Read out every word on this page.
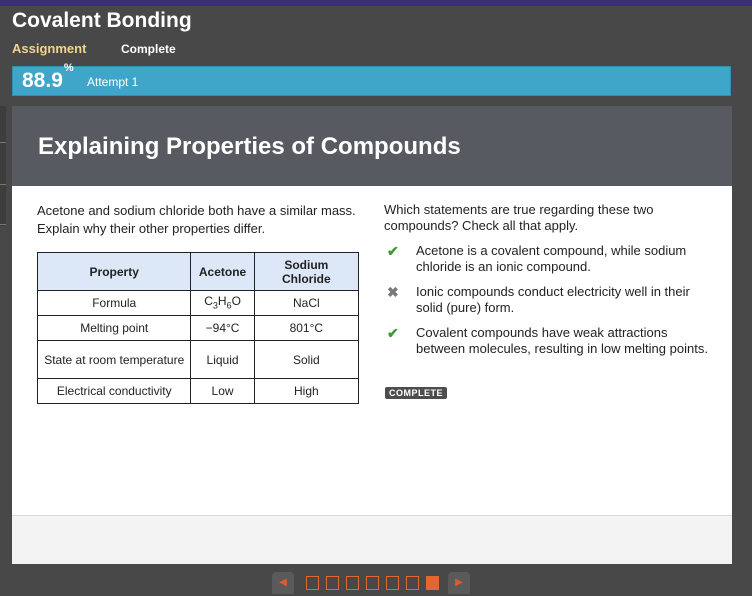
Covalent Bonding
Assignment	Complete
88.9%
Attempt 1
Explaining Properties of Compounds
Acetone and sodium chloride both have a similar mass. Explain why their other properties differ.
Property	Acetone	Sodium Chloride
Formula	$C_3H_6O$	NaCl
Melting point	−94°C	801°C
State at room temperature	Liquid	Solid
Electrical conductivity	Low	High
Which statements are true regarding these two compounds? Check all that apply.
✔	Acetone is a covalent compound, while sodium chloride is an ionic compound.
✖	Ionic compounds conduct electricity well in their solid (pure) form.
✔	Covalent compounds have weak attractions between molecules, resulting in low melting points.
COMPLETE
◀	▶
